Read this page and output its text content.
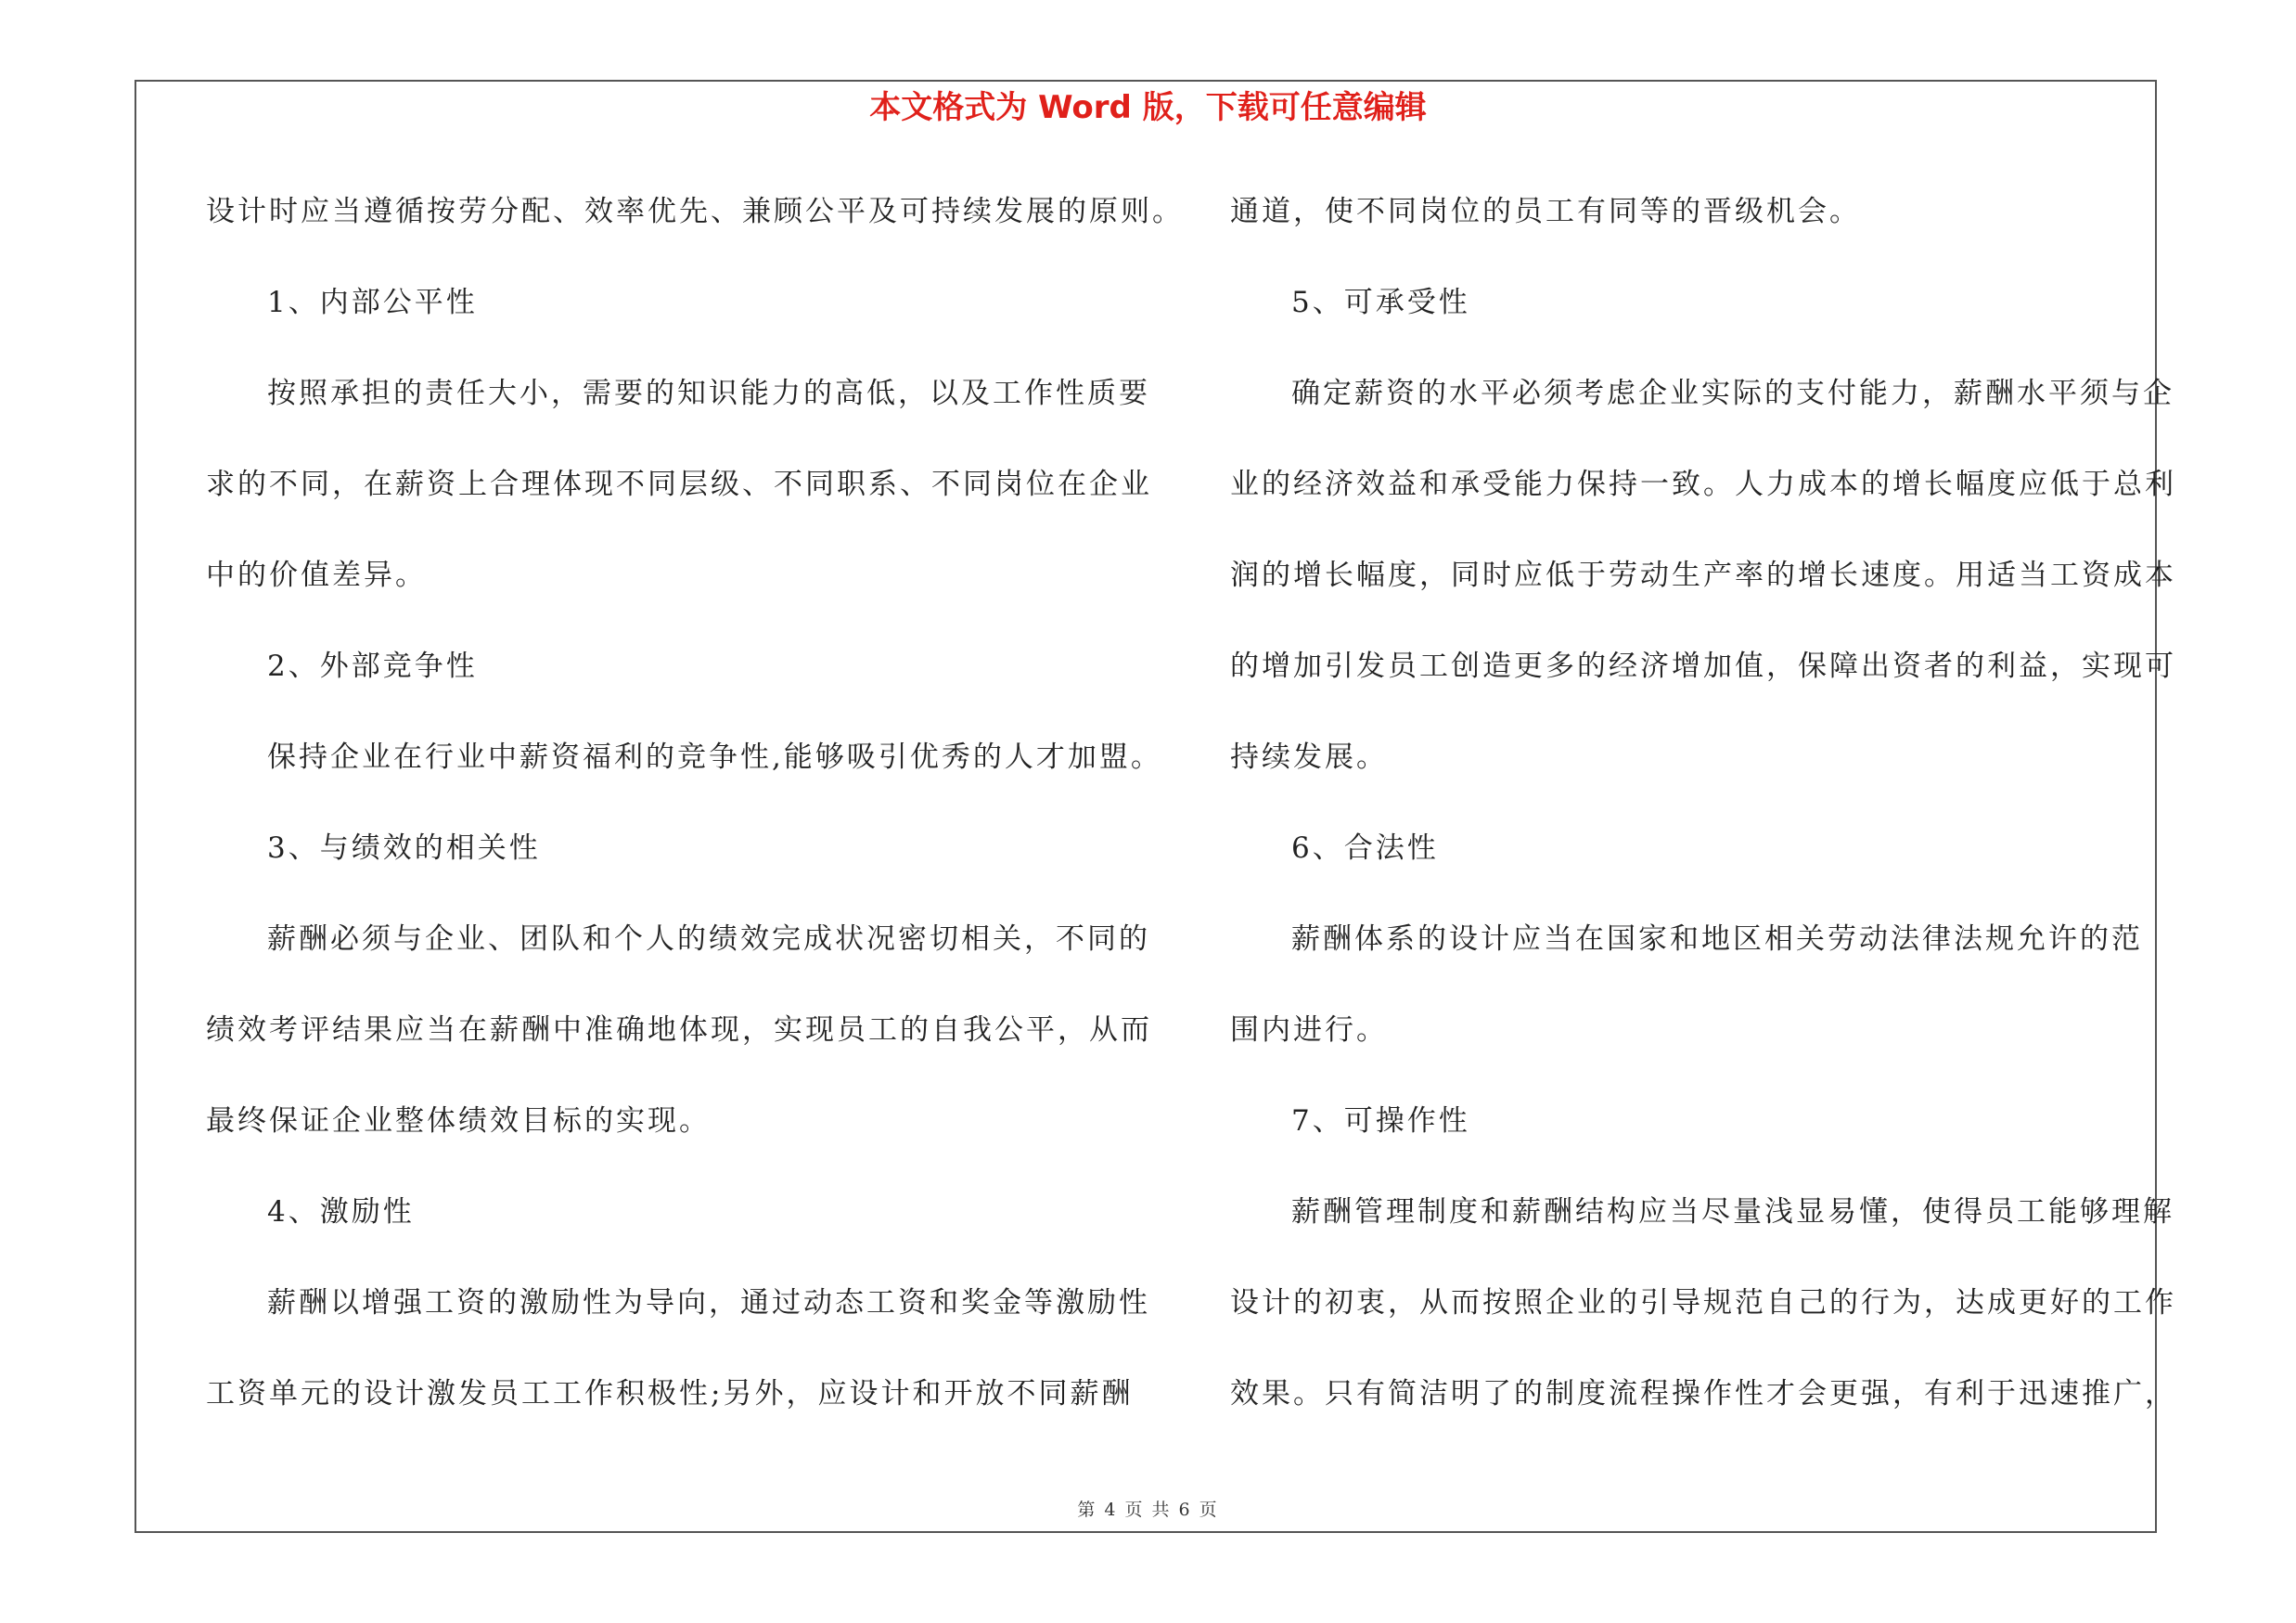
本文格式为 Word 版，下载可任意编辑
设计时应当遵循按劳分配、效率优先、兼顾公平及可持续发展的原则。
1、内部公平性
按照承担的责任大小，需要的知识能力的高低，以及工作性质要
求的不同，在薪资上合理体现不同层级、不同职系、不同岗位在企业
中的价值差异。
2、外部竞争性
保持企业在行业中薪资福利的竞争性,能够吸引优秀的人才加盟。
3、与绩效的相关性
薪酬必须与企业、团队和个人的绩效完成状况密切相关，不同的
绩效考评结果应当在薪酬中准确地体现，实现员工的自我公平，从而
最终保证企业整体绩效目标的实现。
4、激励性
薪酬以增强工资的激励性为导向，通过动态工资和奖金等激励性
工资单元的设计激发员工工作积极性;另外，应设计和开放不同薪酬
通道，使不同岗位的员工有同等的晋级机会。
5、可承受性
确定薪资的水平必须考虑企业实际的支付能力，薪酬水平须与企
业的经济效益和承受能力保持一致。人力成本的增长幅度应低于总利
润的增长幅度，同时应低于劳动生产率的增长速度。用适当工资成本
的增加引发员工创造更多的经济增加值，保障出资者的利益，实现可
持续发展。
6、合法性
薪酬体系的设计应当在国家和地区相关劳动法律法规允许的范
围内进行。
7、可操作性
薪酬管理制度和薪酬结构应当尽量浅显易懂，使得员工能够理解
设计的初衷，从而按照企业的引导规范自己的行为，达成更好的工作
效果。只有简洁明了的制度流程操作性才会更强，有利于迅速推广，
第 4 页 共 6 页
